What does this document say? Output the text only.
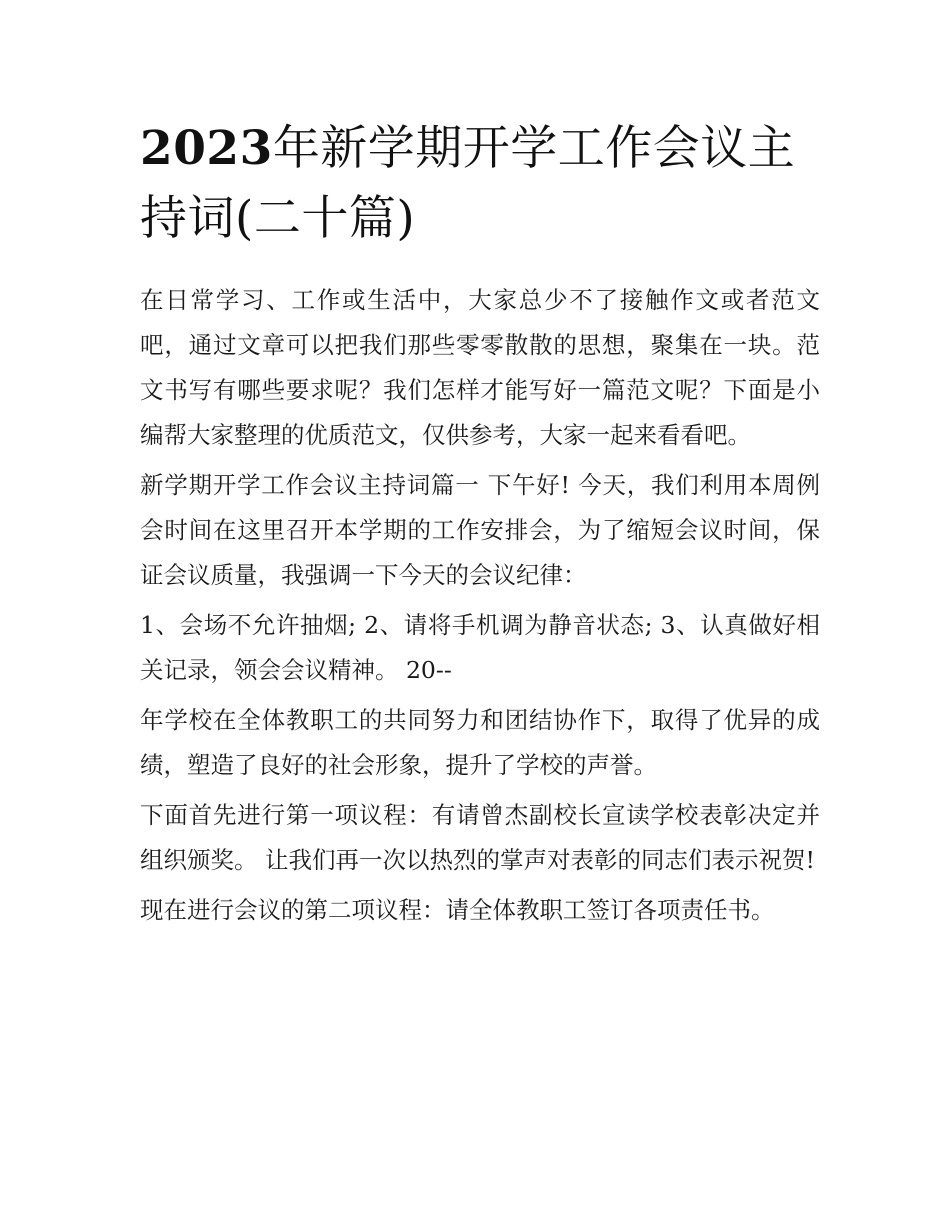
2023年新学期开学工作会议主持词(二十篇)

在日常学习、工作或生活中，大家总少不了接触作文或者范文吧，通过文章可以把我们那些零零散散的思想，聚集在一块。范文书写有哪些要求呢？我们怎样才能写好一篇范文呢？下面是小编帮大家整理的优质范文，仅供参考，大家一起来看看吧。

新学期开学工作会议主持词篇一 下午好! 今天，我们利用本周例会时间在这里召开本学期的工作安排会，为了缩短会议时间，保证会议质量，我强调一下今天的会议纪律：

1、会场不允许抽烟; 2、请将手机调为静音状态; 3、认真做好相关记录，领会会议精神。 20--

年学校在全体教职工的共同努力和团结协作下，取得了优异的成绩，塑造了良好的社会形象，提升了学校的声誉。

下面首先进行第一项议程：有请曾杰副校长宣读学校表彰决定并组织颁奖。 让我们再一次以热烈的掌声对表彰的同志们表示祝贺!

现在进行会议的第二项议程：请全体教职工签订各项责任书。
